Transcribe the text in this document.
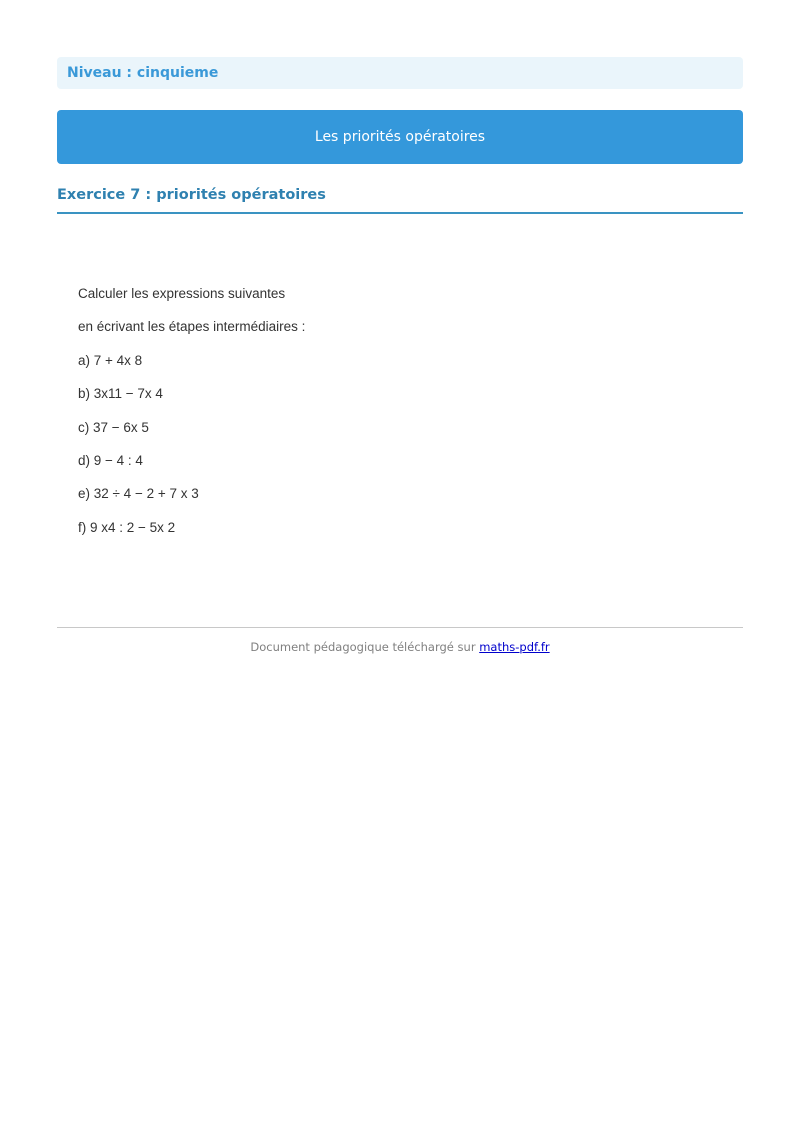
Niveau : cinquieme
Les priorités opératoires
Exercice 7 : priorités opératoires
Calculer les expressions suivantes
en écrivant les étapes intermédiaires :
a) 7 + 4x 8
b) 3x11 − 7x 4
c) 37 − 6x 5
d) 9 − 4 : 4
e) 32 ÷ 4 − 2 + 7 x 3
f) 9 x4 : 2 − 5x 2
Document pédagogique téléchargé sur maths-pdf.fr
